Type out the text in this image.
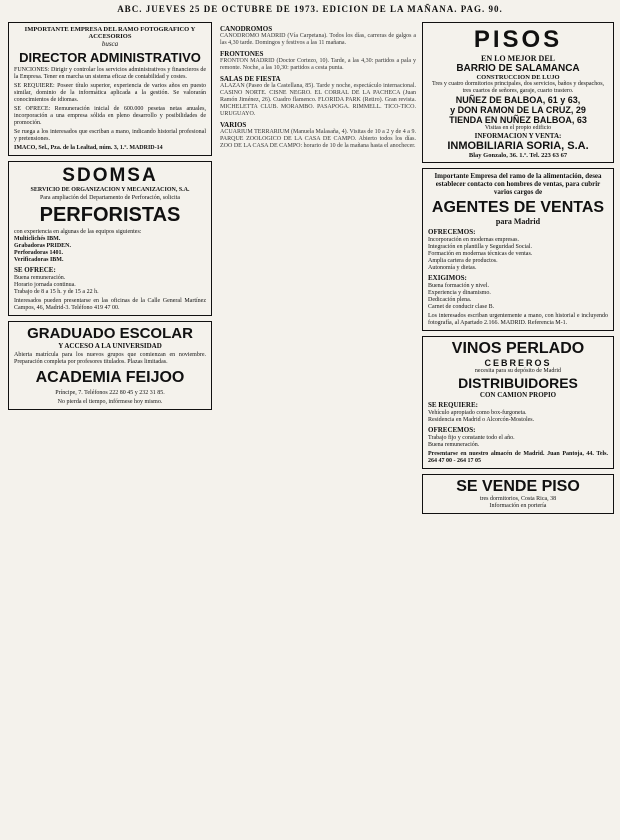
ABC. JUEVES 25 DE OCTUBRE DE 1973. EDICION DE LA MAÑANA. PAG. 90.
IMPORTANTE EMPRESA DEL RAMO FOTOGRAFICO Y ACCESORIOS
busca
DIRECTOR ADMINISTRATIVO
FUNCIONES: Dirigir y controlar los servicios administrativos y financieros de la Empresa. Tener en marcha un sistema eficaz de contabilidad y costes.
SE REQUIERE: Poseer título superior, experiencia de varios años en puesto similar, dominio de la informática aplicada a la gestión. Se valorarán conocimientos de idiomas.
SE OFRECE: Remuneración inicial de 600.000 pesetas netas anuales, incorporación a una empresa sólida en pleno desarrollo y posibilidades de promoción.
Se ruega a los interesados que escriban a mano, indicando historial profesional y pretensiones.
IMACO, Sel., Pza. de la Lealtad, núm. 3, 1.º. MADRID-14
SDOMSA
SERVICIO DE ORGANIZACION Y MECANIZACION, S.A.
Para ampliación del Departamento de Perforación, solicita
PERFORISTAS
con experiencia en algunas de las equipos siguientes:
Multiclichés IBM.
Grabadoras PRIDEN.
Perforadoras 1401.
Verificadoras IBM.
SE OFRECE:
Buena remuneración.
Horario jornada continua.
Trabajo de 8 a 15 h. y de 15 a 22 h.
Interesados pueden presentarse en las oficinas de la Calle General Martínez Campos, 46, Madrid-3. Teléfono 419 47 00.
GRADUADO ESCOLAR
Y ACCESO A LA UNIVERSIDAD
Abierta matrícula para los nuevos grupos que comienzan en noviembre. Preparación completa por profesores titulados. Plazas limitadas.
ACADEMIA FEIJOO
Príncipe, 7. Teléfonos 222 80 45 y 232 31 85.
No pierda el tiempo, infórmese hoy mismo.
CANODROMOS
CANODROMO MADRID (Vía Carpetana). Todos los días, carreras de galgos a las 4,30 tarde. Domingos y festivos a las 11 mañana.
FRONTONES
FRONTON MADRID (Doctor Cortezo, 10). Tarde, a las 4,30: partidos a pala y remonte. Noche, a las 10,30: partidos a cesta punta.
SALAS DE FIESTA
ALAZAN (Paseo de la Castellana, 85). Tarde y noche, espectáculo internacional. CASINO NORTE. CISNE NEGRO. EL CORRAL DE LA PACHECA (Juan Ramón Jiménez, 26). Cuadro flamenco. FLORIDA PARK (Retiro). Gran revista. MICHELETTA CLUB. MORAMBO. PASAPOGA. RIMMELL. TICO-TICO. URUGUAYO.
VARIOS
ACUARIUM TERRARIUM (Manuela Malasaña, 4). Visitas de 10 a 2 y de 4 a 9. PARQUE ZOOLOGICO DE LA CASA DE CAMPO. Abierto todos los días. ZOO DE LA CASA DE CAMPO: horario de 10 de la mañana hasta el anochecer.
PISOS
EN LO MEJOR DEL
BARRIO DE SALAMANCA
CONSTRUCCION DE LUJO
Tres y cuatro dormitorios principales, dos servicios, baños y despachos, tres cuartos de señores, garaje, cuarto trastero.
NUÑEZ DE BALBOA, 61 y 63,
y DON RAMON DE LA CRUZ, 29
TIENDA EN NUÑEZ BALBOA, 63
Visitas en el propio edificio
INFORMACION Y VENTA:
INMOBILIARIA SORIA, S.A.
Blay Gonzalo, 36. 1.º. Tel. 223 63 67
Importante Empresa del ramo de la alimentación, desea establecer contacto con hombres de ventas, para cubrir varios cargos de
AGENTES DE VENTAS
para Madrid
OFRECEMOS:
Incorporación en modernas empresas.
Integración en plantilla y Seguridad Social.
Formación en modernas técnicas de ventas.
Amplia cartera de productos.
Autonomía y dietas.
EXIGIMOS:
Buena formación y nivel.
Experiencia y dinamismo.
Dedicación plena.
Carnet de conducir clase B.
Los interesados escriban urgentemente a mano, con historial e incluyendo fotografía, al Apartado 2.166. MADRID. Referencia M-1.
VINOS PERLADO
CEBREROS
necesita para su depósito de Madrid
DISTRIBUIDORES
CON CAMION PROPIO
SE REQUIERE:
Vehículo apropiado como box-furgoneta.
Residencia en Madrid o Alcorcón-Mostoles.
OFRECEMOS:
Trabajo fijo y constante todo el año.
Buena remuneración.
Presentarse en nuestro almacén de Madrid. Juan Pantoja, 44. Tels. 264 47 00 - 264 17 05
SE VENDE PISO
tres dormitorios, Costa Rica, 38
Información en portería
